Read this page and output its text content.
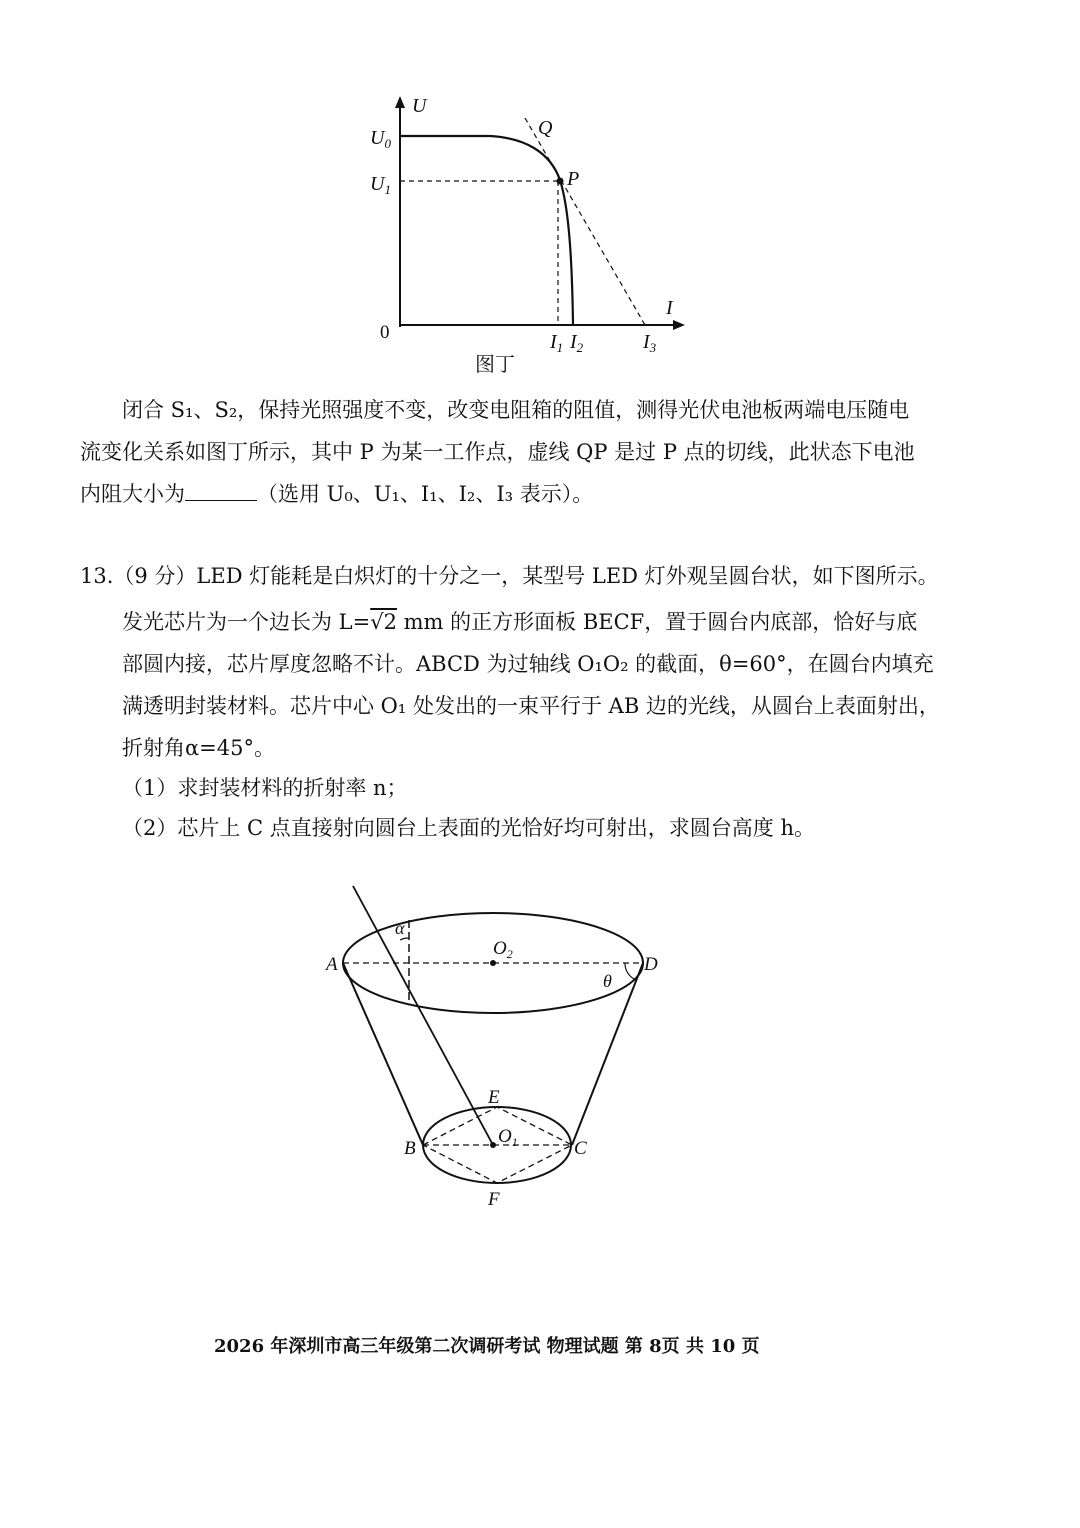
U
I
0
$U_0$
$U_1$	P
Q
$I_1$ $I_2$	$I_3$
图丁
闭合 S₁、S₂，保持光照强度不变，改变电阻箱的阻值，测得光伏电池板两端电压随电
流变化关系如图丁所示，其中 P 为某一工作点，虚线 QP 是过 P 点的切线，此状态下电池
内阻大小为	（选用 U₀、U₁、I₁、I₂、I₃ 表示）。
13.（9 分）LED 灯能耗是白炽灯的十分之一，某型号 LED 灯外观呈圆台状，如下图所示。
发光芯片为一个边长为 L=√2 mm 的正方形面板 BECF，置于圆台内底部，恰好与底
部圆内接，芯片厚度忽略不计。ABCD 为过轴线 O₁O₂ 的截面，θ=60°，在圆台内填充
满透明封装材料。芯片中心 O₁ 处发出的一束平行于 AB 边的光线，从圆台上表面射出，
折射角α=45°。
（1）求封装材料的折射率 n；
（2）芯片上 C 点直接射向圆台上表面的光恰好均可射出，求圆台高度 h。
A	D
B	C
E
F
$O_2$
$O_1$
α
θ
2026 年深圳市高三年级第二次调研考试 物理试题 第 8页 共 10 页
